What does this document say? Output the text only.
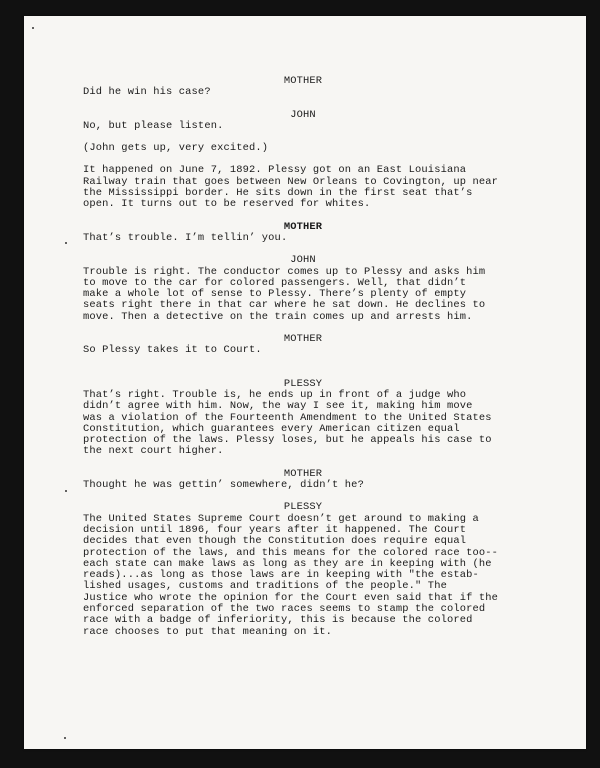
MOTHER
Did he win his case?
JOHN
No, but please listen.
(John gets up, very excited.)
It happened on June 7, 1892. Plessy got on an East Louisiana
Railway train that goes between New Orleans to Covington, up near
the Mississippi border. He sits down in the first seat that’s
open. It turns out to be reserved for whites.
MOTHER
That’s trouble. I’m tellin’ you.
JOHN
Trouble is right. The conductor comes up to Plessy and asks him
to move to the car for colored passengers. Well, that didn’t
make a whole lot of sense to Plessy. There’s plenty of empty
seats right there in that car where he sat down. He declines to
move. Then a detective on the train comes up and arrests him.
MOTHER
So Plessy takes it to Court.
PLESSY
That’s right. Trouble is, he ends up in front of a judge who
didn’t agree with him. Now, the way I see it, making him move
was a violation of the Fourteenth Amendment to the United States
Constitution, which guarantees every American citizen equal
protection of the laws. Plessy loses, but he appeals his case to
the next court higher.
MOTHER
Thought he was gettin’ somewhere, didn’t he?
PLESSY
The United States Supreme Court doesn’t get around to making a
decision until 1896, four years after it happened. The Court
decides that even though the Constitution does require equal
protection of the laws, and this means for the colored race too--
each state can make laws as long as they are in keeping with (he
reads)...as long as those laws are in keeping with "the estab-
lished usages, customs and traditions of the people." The
Justice who wrote the opinion for the Court even said that if the
enforced separation of the two races seems to stamp the colored
race with a badge of inferiority, this is because the colored
race chooses to put that meaning on it.
